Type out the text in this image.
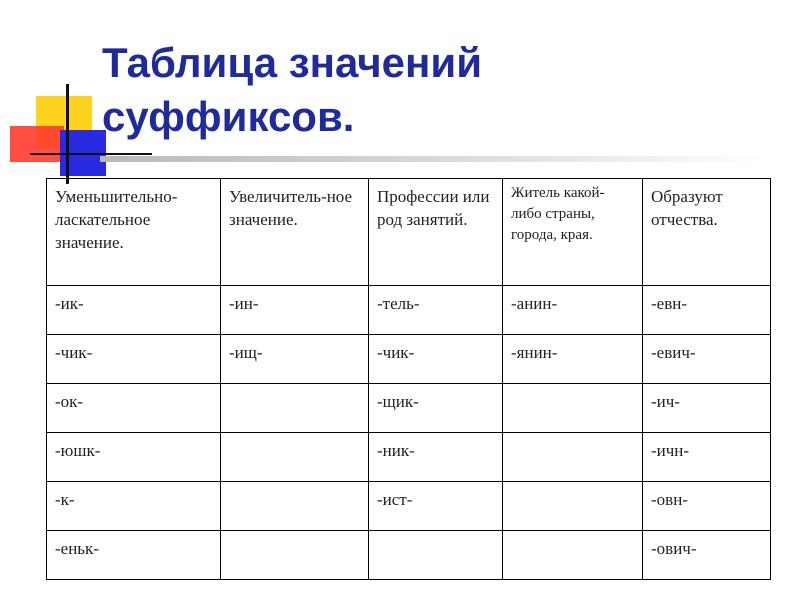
Таблица значений
суффиксов.
Уменьшительно-ласкательное значение.	Увеличитель-ное значение.	Профессии или род занятий.	Житель какой-либо страны, города, края.	Образуют отчества.
-ик-	-ин-	-тель-	-анин-	-евн-
-чик-	-ищ-	-чик-	-янин-	-евич-
-ок-		-щик-		-ич-
-юшк-		-ник-		-ичн-
-к-		-ист-		-овн-
-еньк-				-ович-
